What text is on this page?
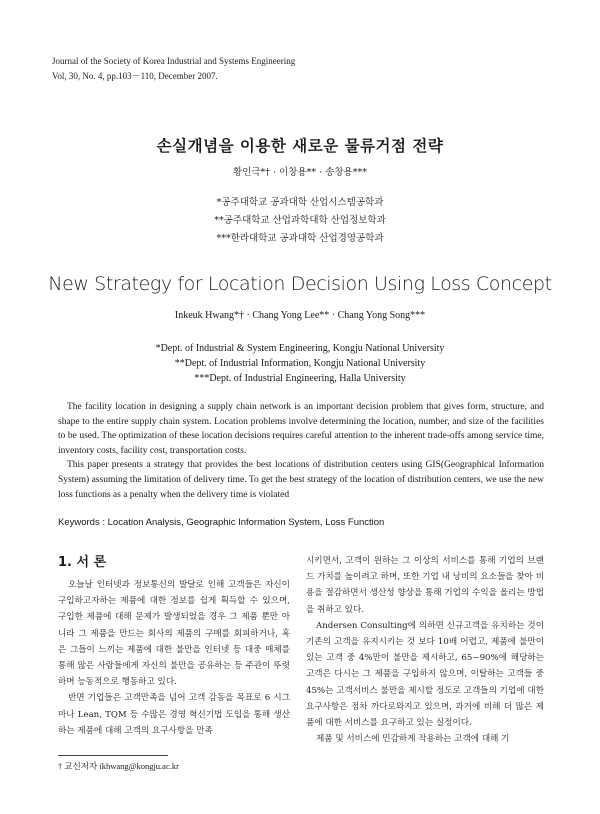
Journal of the Society of Korea Industrial and Systems Engineering
Vol, 30, No. 4, pp.103－110, December 2007.
손실개념을 이용한 새로운 물류거점 전략
황인극*† · 이창용** · 송창용***
*공주대학교 공과대학 산업시스템공학과
**공주대학교 산업과학대학 산업정보학과
***한라대학교 공과대학 산업경영공학과
New Strategy for Location Decision Using Loss Concept
Inkeuk Hwang*† · Chang Yong Lee** · Chang Yong Song***
*Dept. of Industrial & System Engineering, Kongju National University
**Dept. of Industrial Information, Kongju National University
***Dept. of Industrial Engineering, Halla University

The facility location in designing a supply chain network is an important decision problem that gives form, structure, and shape to the entire supply chain system. Location problems involve determining the location, number, and size of the facilities to be used. The optimization of these location decisions requires careful attention to the inherent trade-offs among service time, inventory costs, facility cost, transportation costs.

This paper presents a strategy that provides the best locations of distribution centers using GIS(Geographical Information System) assuming the limitation of delivery time. To get the best strategy of the location of distribution centers, we use the new loss functions as a penalty when the delivery time is violated

Keywords : Location Analysis, Geographic Information System, Loss Function
1. 서 론

오늘날 인터넷과 정보통신의 발달로 인해 고객들은 자신이 구입하고자하는 제품에 대한 정보를 쉽게 획득할 수 있으며, 구입한 제품에 대해 문제가 발생되었을 경우 그 제품 뿐만 아니라 그 제품을 만드는 회사의 제품의 구매를 회피하거나, 혹은 그들이 느끼는 제품에 대한 불만을 인터넷 등 대중 매체를 통해 많은 사람들에게 자신의 불만을 공유하는 등 주관이 뚜렷하며 능동적으로 행동하고 있다.

반면 기업들은 고객만족을 넘어 고객 감동을 목표로 6 시그마나 Lean, TQM 등 수많은 경영 혁신기법 도입을 통해 생산하는 제품에 대해 고객의 요구사항을 만족

시키면서, 고객이 원하는 그 이상의 서비스를 통해 기업의 브랜드 가치를 높이려고 하며, 또한 기업 내 낭비의 요소들을 찾아 비용을 절감하면서 생산성 향상을 통해 기업의 수익을 올리는 방법을 취하고 있다.

Andersen Consulting에 의하면 신규고객을 유치하는 것이 기존의 고객을 유지시키는 것 보다 10배 어렵고, 제품에 불만이 있는 고객 중 4%만이 불만을 제시하고, 65~90%에 해당하는 고객은 다시는 그 제품을 구입하지 않으며, 이탈하는 고객들 중 45%는 고객서비스 불만을 제시할 정도로 고객들의 기업에 대한 요구사항은 점차 까다로와지고 있으며, 과거에 비해 더 많은 제품에 대한 서비스를 요구하고 있는 실정이다.

제품 및 서비스에 민감하게 작용하는 고객에 대해 기

† 교신저자 ikhwang@kongju.ac.kr
